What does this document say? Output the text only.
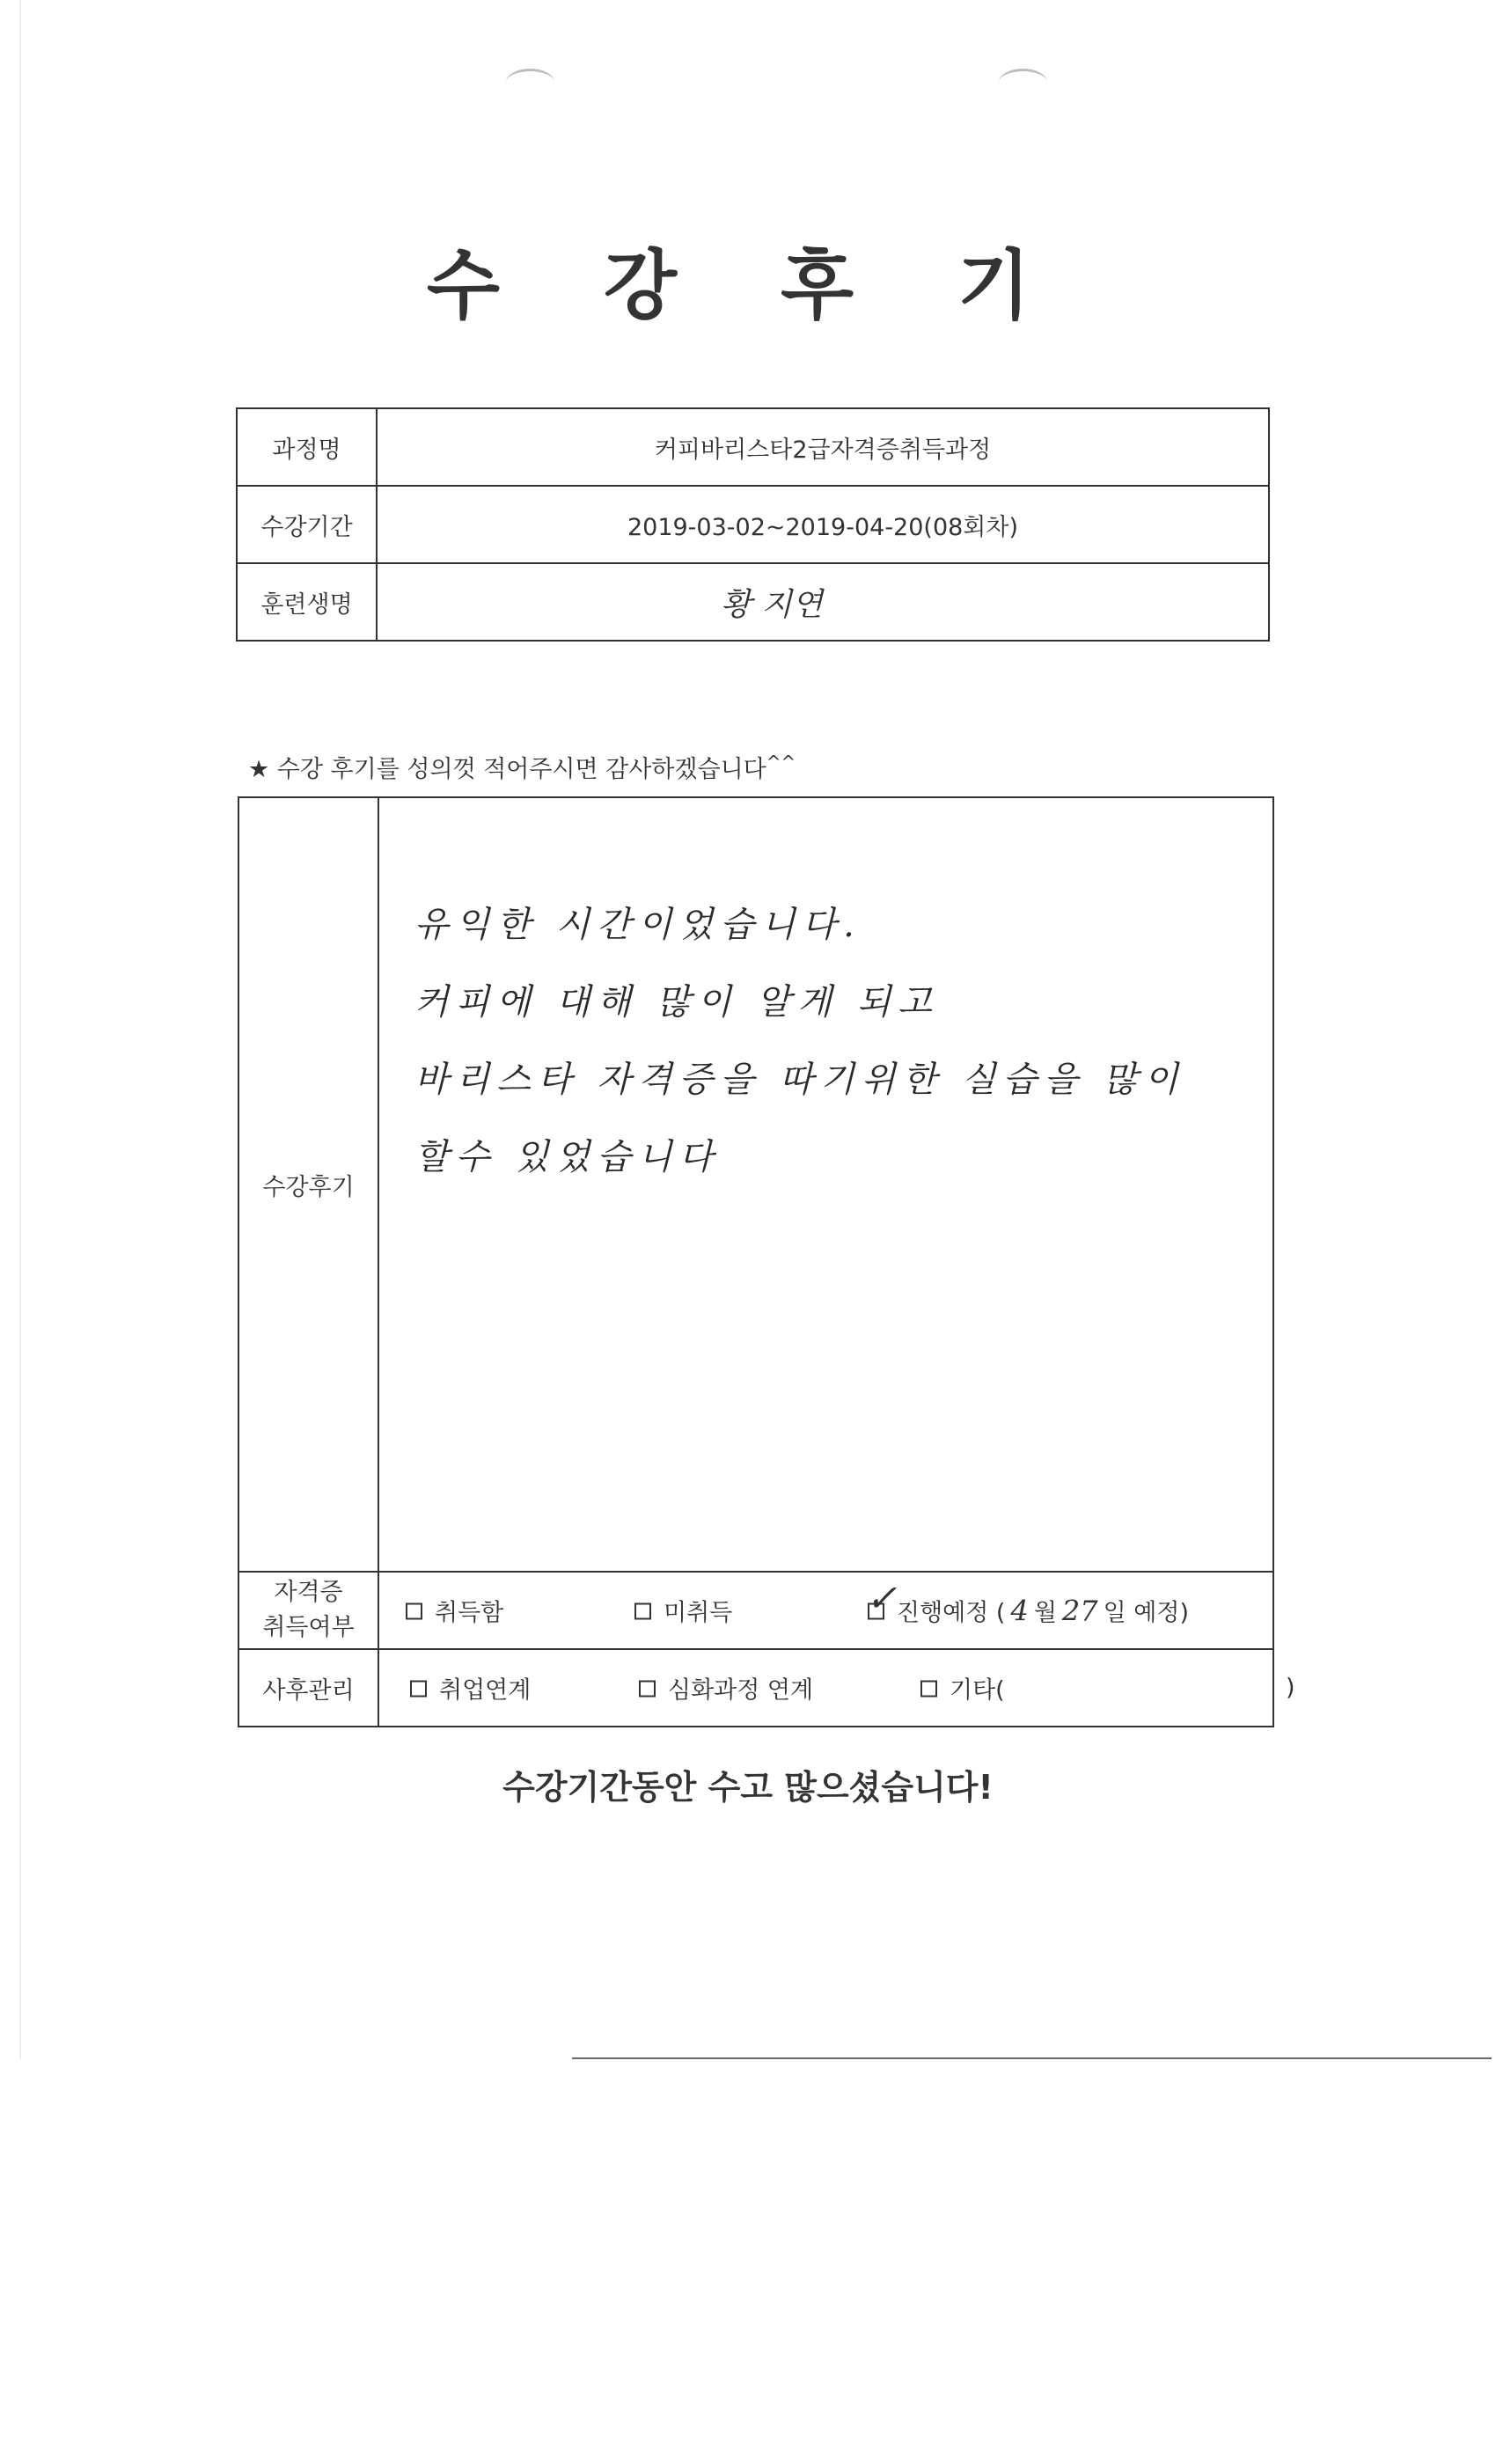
수 강 후 기
과정명	커피바리스타2급자격증취득과정
수강기간	2019-03-02~2019-04-20(08회차)
훈련생명	황 지연
★ 수강 후기를 성의껏 적어주시면 감사하겠습니다^^
수강후기	유익한 시간이었습니다.
커피에 대해 많이 알게 되고
바리스타 자격증을 따기위한 실습을 많이
할수 있었습니다

자격증
취득여부	취득함 미취득 ✓ 진행예정 ( 4 월 27 일 예정)

사후관리	취업연계 심화과정 연계 기타( )
수강기간동안 수고 많으셨습니다!
